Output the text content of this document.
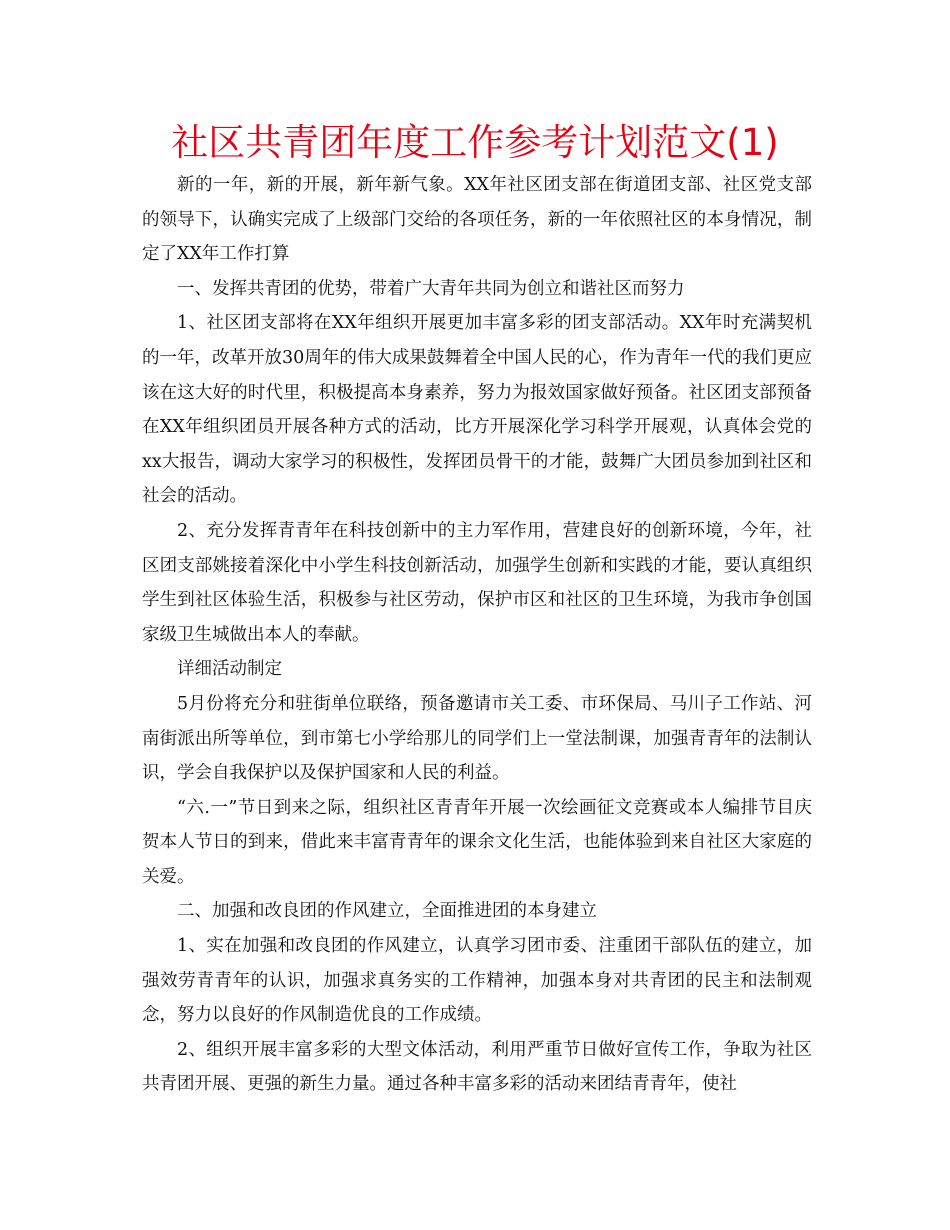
社区共青团年度工作参考计划范文(1)

新的一年，新的开展，新年新气象。XX年社区团支部在街道团支部、社区党支部的领导下，认确实完成了上级部门交给的各项任务，新的一年依照社区的本身情况，制定了XX年工作打算

一、发挥共青团的优势，带着广大青年共同为创立和谐社区而努力

1、社区团支部将在XX年组织开展更加丰富多彩的团支部活动。XX年时充满契机的一年，改革开放30周年的伟大成果鼓舞着全中国人民的心，作为青年一代的我们更应该在这大好的时代里，积极提高本身素养，努力为报效国家做好预备。社区团支部预备在XX年组织团员开展各种方式的活动，比方开展深化学习科学开展观，认真体会党的xx大报告，调动大家学习的积极性，发挥团员骨干的才能，鼓舞广大团员参加到社区和社会的活动。

2、充分发挥青青年在科技创新中的主力军作用，营建良好的创新环境，今年，社区团支部姚接着深化中小学生科技创新活动，加强学生创新和实践的才能，要认真组织学生到社区体验生活，积极参与社区劳动，保护市区和社区的卫生环境，为我市争创国家级卫生城做出本人的奉献。

详细活动制定

5月份将充分和驻街单位联络，预备邀请市关工委、市环保局、马川子工作站、河南街派出所等单位，到市第七小学给那儿的同学们上一堂法制课，加强青青年的法制认识，学会自我保护以及保护国家和人民的利益。

“六.一”节日到来之际，组织社区青青年开展一次绘画征文竞赛或本人编排节目庆贺本人节日的到来，借此来丰富青青年的课余文化生活，也能体验到来自社区大家庭的关爱。

二、加强和改良团的作风建立，全面推进团的本身建立

1、实在加强和改良团的作风建立，认真学习团市委、注重团干部队伍的建立，加强效劳青青年的认识，加强求真务实的工作精神，加强本身对共青团的民主和法制观念，努力以良好的作风制造优良的工作成绩。

2、组织开展丰富多彩的大型文体活动，利用严重节日做好宣传工作，争取为社区共青团开展、更强的新生力量。通过各种丰富多彩的活动来团结青青年，使社
